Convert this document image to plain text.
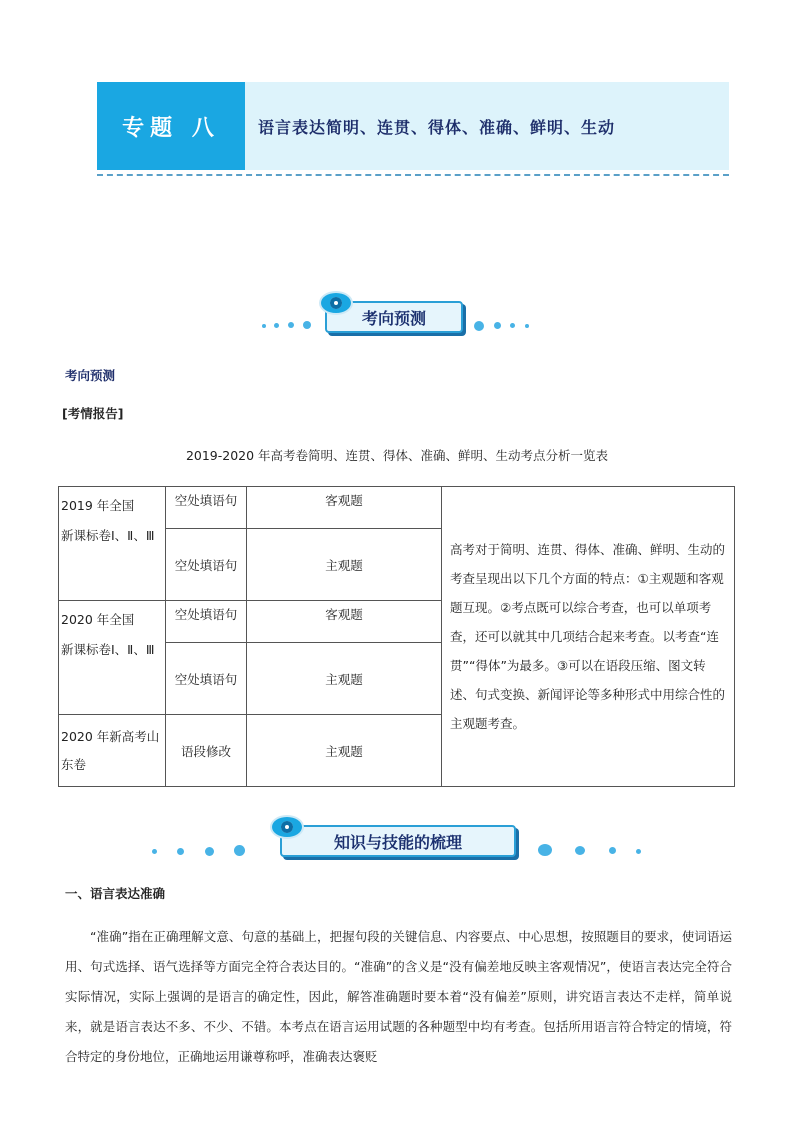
专题 八 语言表达简明、连贯、得体、准确、鲜明、生动
考向预测
考向预测
[考情报告]
2019-2020 年高考卷简明、连贯、得体、准确、鲜明、生动考点分析一览表
2019 年全国
新课标卷Ⅰ、Ⅱ、Ⅲ	空处填语句	客观题	高考对于简明、连贯、得体、准确、鲜明、生动的考查呈现出以下几个方面的特点：①主观题和客观题互现。②考点既可以综合考查，也可以单项考查，还可以就其中几项结合起来考查。以考查“连贯”“得体”为最多。③可以在语段压缩、图文转述、句式变换、新闻评论等多种形式中用综合性的主观题考查。
	空处填语句	主观题	

2020 年全国
新课标卷Ⅰ、Ⅱ、Ⅲ	空处填语句	客观题	
	空处填语句	主观题	
2020 年新高考山东卷	语段修改	主观题	
知识与技能的梳理
一、语言表达准确
“准确”指在正确理解文意、句意的基础上，把握句段的关键信息、内容要点、中心思想，按照题目的要求，使词语运用、句式选择、语气选择等方面完全符合表达目的。“准确”的含义是“没有偏差地反映主客观情况”，使语言表达完全符合实际情况，实际上强调的是语言的确定性，因此，解答准确题时要本着“没有偏差”原则，讲究语言表达不走样，简单说来，就是语言表达不多、不少、不错。本考点在语言运用试题的各种题型中均有考查。包括所用语言符合特定的情境，符合特定的身份地位，正确地运用谦尊称呼，准确表达褒贬
